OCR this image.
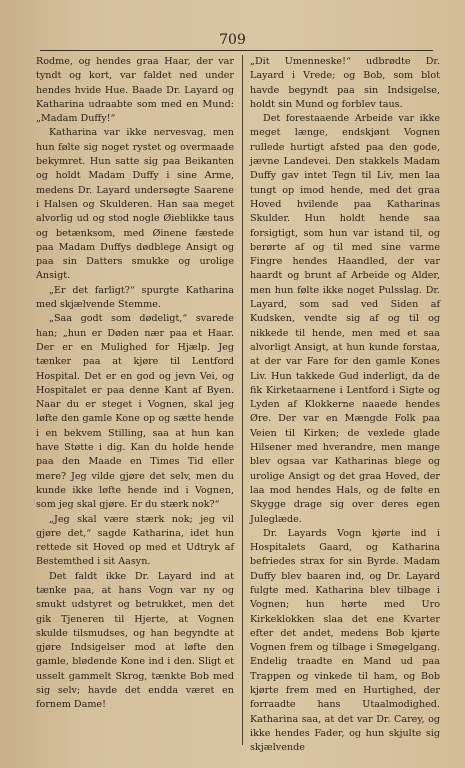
709

Rodme, og hendes graa Haar, der var tyndt og kort, var faldet ned under hendes hvide Hue. Baade Dr. Layard og Katharina udraabte som med en Mund: „Madam Duffy!“

Katharina var ikke nervesvag, men hun følte sig noget rystet og overmaade bekymret. Hun satte sig paa Beikanten og holdt Madam Duffy i sine Arme, medens Dr. Layard undersøgte Saarene i Halsen og Skulderen. Han saa meget alvorlig ud og stod nogle Øieblikke taus og betænksom, med Øinene fæstede paa Madam Duffys dødblege Ansigt og paa sin Datters smukke og urolige Ansigt.

„Er det farligt?“ spurgte Katharina med skjælvende Stemme.

„Saa godt som dødeligt,“ svarede han; „hun er Døden nær paa et Haar. Der er en Mulighed for Hjælp. Jeg tænker paa at kjøre til Lentford Hospital. Det er en god og jevn Vei, og Hospitalet er paa denne Kant af Byen. Naar du er steget i Vognen, skal jeg løfte den gamle Kone op og sætte hende i en bekvem Stilling, saa at hun kan have Støtte i dig. Kan du holde hende paa den Maade en Times Tid eller mere? Jeg vilde gjøre det selv, men du kunde ikke løfte hende ind i Vognen, som jeg skal gjøre. Er du stærk nok?“

„Jeg skal være stærk nok; jeg vil gjøre det,“ sagde Katharina, idet hun rettede sit Hoved op med et Udtryk af Bestemthed i sit Aasyn.

Det faldt ikke Dr. Layard ind at tænke paa, at hans Vogn var ny og smukt udstyret og betrukket, men det gik Tjeneren til Hjerte, at Vognen skulde tilsmudses, og han begyndte at gjøre Indsigelser mod at løfte den gamle, blødende Kone ind i den. Sligt et usselt gammelt Skrog, tænkte Bob med sig selv; havde det endda været en fornem Dame!

„Dit Umenneske!“ udbrødte Dr. Layard i Vrede; og Bob, som blot havde begyndt paa sin Indsigelse, holdt sin Mund og forblev taus.

Det forestaaende Arbeide var ikke meget længe, endskjønt Vognen rullede hurtigt afsted paa den gode, jævne Landevei. Den stakkels Madam Duffy gav intet Tegn til Liv, men laa tungt op imod hende, med det graa Hoved hvilende paa Katharinas Skulder. Hun holdt hende saa forsigtigt, som hun var istand til, og berørte af og til med sine varme Fingre hendes Haandled, der var haardt og brunt af Arbeide og Alder, men hun følte ikke noget Pulsslag. Dr. Layard, som sad ved Siden af Kudsken, vendte sig af og til og nikkede til hende, men med et saa alvorligt Ansigt, at hun kunde forstaa, at der var Fare for den gamle Kones Liv. Hun takkede Gud inderligt, da de fik Kirketaarnene i Lentford i Sigte og Lyden af Klokkerne naaede hendes Øre. Der var en Mængde Folk paa Veien til Kirken; de vexlede glade Hilsener med hverandre, men mange blev ogsaa var Katharinas blege og urolige Ansigt og det graa Hoved, der laa mod hendes Hals, og de følte en Skygge drage sig over deres egen Juleglæde.

Dr. Layards Vogn kjørte ind i Hospitalets Gaard, og Katharina befriedes strax for sin Byrde. Madam Duffy blev baaren ind, og Dr. Layard fulgte med. Katharina blev tilbage i Vognen; hun hørte med Uro Kirkeklokken slaa det ene Kvarter efter det andet, medens Bob kjørte Vognen frem og tilbage i Smøgelgang. Endelig traadte en Mand ud paa Trappen og vinkede til ham, og Bob kjørte frem med en Hurtighed, der forraadte hans Utaalmodighed. Katharina saa, at det var Dr. Carey, og ikke hendes Fader, og hun skjulte sig skjælvende
